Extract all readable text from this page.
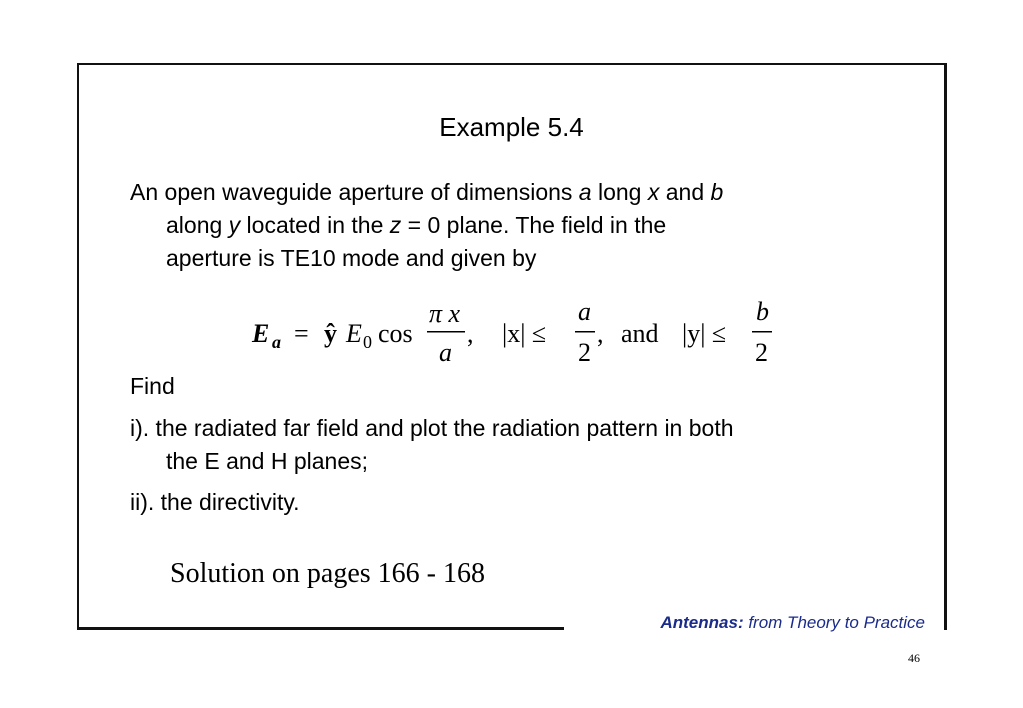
Example 5.4
An open waveguide aperture of dimensions a long x and b
along y located in the z = 0 plane. The field in the
aperture is TE10 mode and given by
E a = ŷ E 0 cos
π x
a
, |x| ≤
a
2
, and |y| ≤
b
2
Find
i). the radiated far field and plot the radiation pattern in both
the E and H planes;
ii). the directivity.
Solution on pages 166 - 168
Antennas: from Theory to Practice
46
